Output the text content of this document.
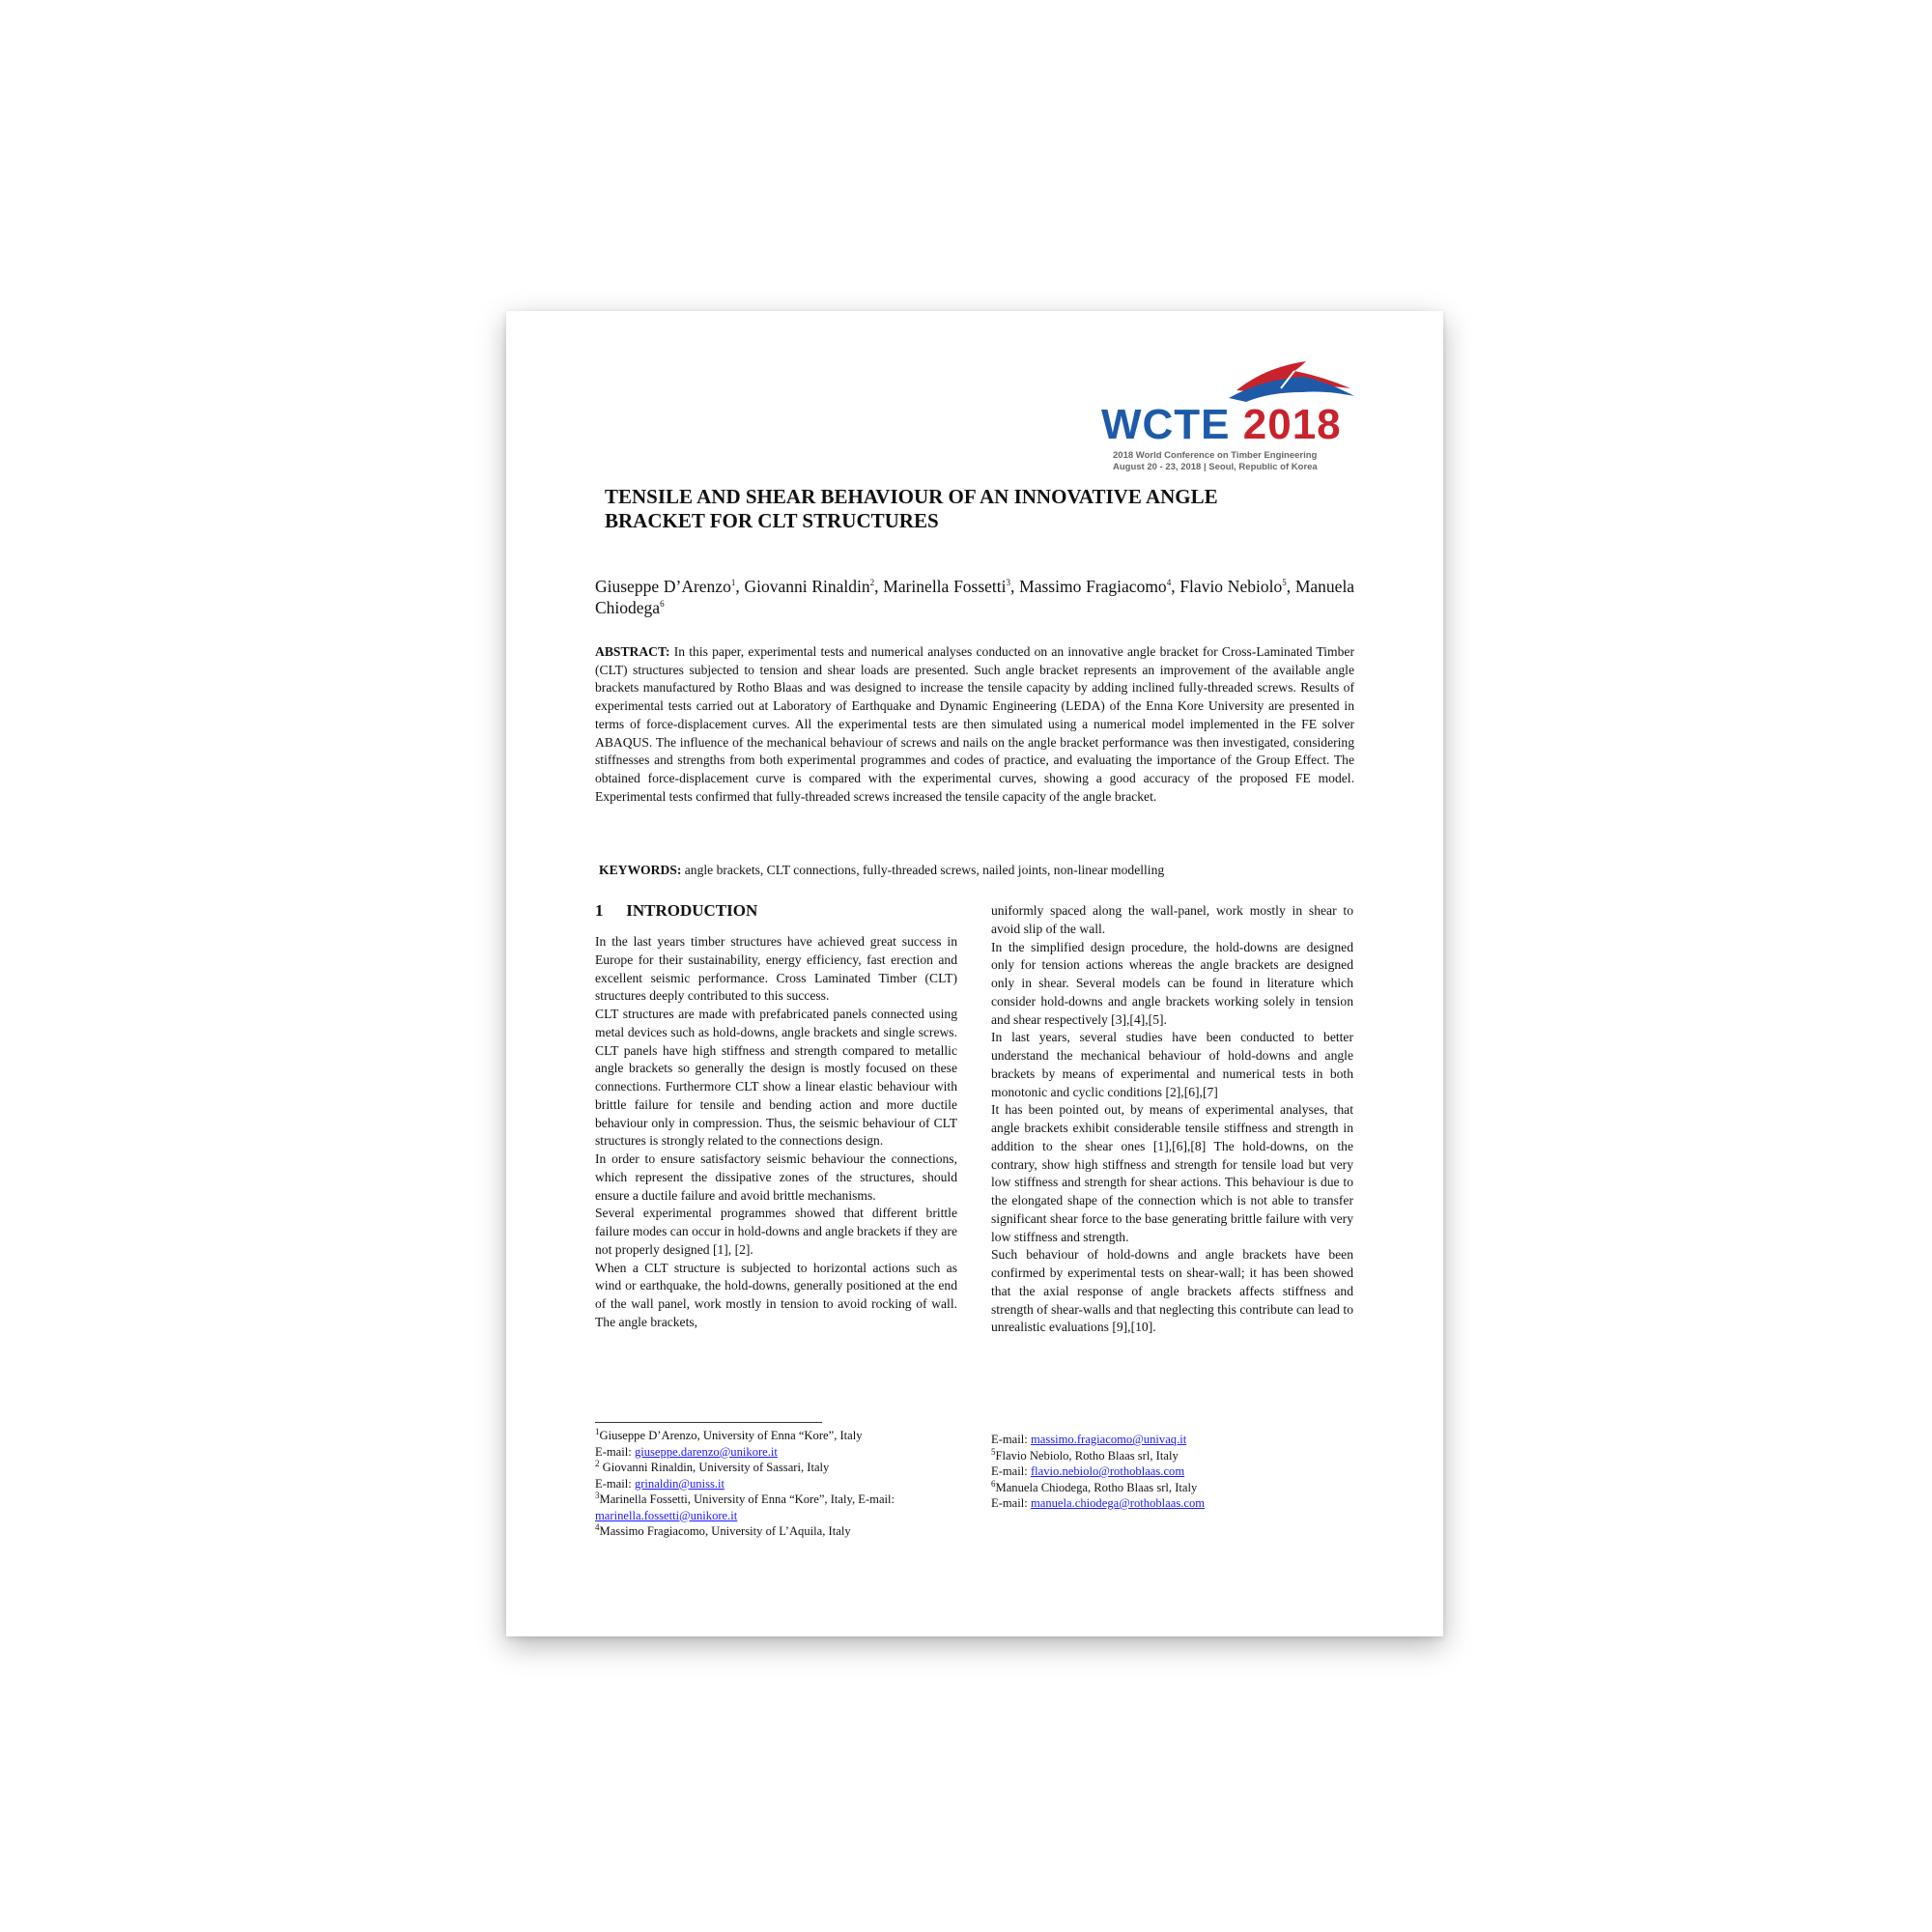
WCTE 2018
2018 World Conference on Timber Engineering
August 20 - 23, 2018 | Seoul, Republic of Korea
TENSILE AND SHEAR BEHAVIOUR OF AN INNOVATIVE ANGLE
BRACKET FOR CLT STRUCTURES

Giuseppe D’Arenzo$^1$, Giovanni Rinaldin$^2$, Marinella Fossetti$^3$, Massimo Fragiacomo$^4$, Flavio Nebiolo$^5$, Manuela Chiodega$^6$

ABSTRACT: In this paper, experimental tests and numerical analyses conducted on an innovative angle bracket for Cross-Laminated Timber (CLT) structures subjected to tension and shear loads are presented. Such angle bracket represents an improvement of the available angle brackets manufactured by Rotho Blaas and was designed to increase the tensile capacity by adding inclined fully-threaded screws. Results of experimental tests carried out at Laboratory of Earthquake and Dynamic Engineering (LEDA) of the Enna Kore University are presented in terms of force-displacement curves. All the experimental tests are then simulated using a numerical model implemented in the FE solver ABAQUS. The influence of the mechanical behaviour of screws and nails on the angle bracket performance was then investigated, considering stiffnesses and strengths from both experimental programmes and codes of practice, and evaluating the importance of the Group Effect. The obtained force-displacement curve is compared with the experimental curves, showing a good accuracy of the proposed FE model. Experimental tests confirmed that fully-threaded screws increased the tensile capacity of the angle bracket.

KEYWORDS: angle brackets, CLT connections, fully-threaded screws, nailed joints, non-linear modelling

1 INTRODUCTION

In the last years timber structures have achieved great success in Europe for their sustainability, energy efficiency, fast erection and excellent seismic performance. Cross Laminated Timber (CLT) structures deeply contributed to this success.

CLT structures are made with prefabricated panels connected using metal devices such as hold-downs, angle brackets and single screws. CLT panels have high stiffness and strength compared to metallic angle brackets so generally the design is mostly focused on these connections. Furthermore CLT show a linear elastic behaviour with brittle failure for tensile and bending action and more ductile behaviour only in compression. Thus, the seismic behaviour of CLT structures is strongly related to the connections design.

In order to ensure satisfactory seismic behaviour the connections, which represent the dissipative zones of the structures, should ensure a ductile failure and avoid brittle mechanisms.

Several experimental programmes showed that different brittle failure modes can occur in hold-downs and angle brackets if they are not properly designed [1], [2].

When a CLT structure is subjected to horizontal actions such as wind or earthquake, the hold-downs, generally positioned at the end of the wall panel, work mostly in tension to avoid rocking of wall. The angle brackets,

uniformly spaced along the wall-panel, work mostly in shear to avoid slip of the wall.

In the simplified design procedure, the hold-downs are designed only for tension actions whereas the angle brackets are designed only in shear. Several models can be found in literature which consider hold-downs and angle brackets working solely in tension and shear respectively [3],[4],[5].

In last years, several studies have been conducted to better understand the mechanical behaviour of hold-downs and angle brackets by means of experimental and numerical tests in both monotonic and cyclic conditions [2],[6],[7]

It has been pointed out, by means of experimental analyses, that angle brackets exhibit considerable tensile stiffness and strength in addition to the shear ones [1],[6],[8] The hold-downs, on the contrary, show high stiffness and strength for tensile load but very low stiffness and strength for shear actions. This behaviour is due to the elongated shape of the connection which is not able to transfer significant shear force to the base generating brittle failure with very low stiffness and strength.

Such behaviour of hold-downs and angle brackets have been confirmed by experimental tests on shear-wall; it has been showed that the axial response of angle brackets affects stiffness and strength of shear-walls and that neglecting this contribute can lead to unrealistic evaluations [9],[10].

$^1$Giuseppe D’Arenzo, University of Enna “Kore”, Italy

E-mail: giuseppe.darenzo@unikore.it

$^2$ Giovanni Rinaldin, University of Sassari, Italy

E-mail: grinaldin@uniss.it

$^3$Marinella Fossetti, University of Enna “Kore”, Italy, E-mail:

marinella.fossetti@unikore.it

$^4$Massimo Fragiacomo, University of L’Aquila, Italy

E-mail: massimo.fragiacomo@univaq.it

$^5$Flavio Nebiolo, Rotho Blaas srl, Italy

E-mail: flavio.nebiolo@rothoblaas.com

$^6$Manuela Chiodega, Rotho Blaas srl, Italy

E-mail: manuela.chiodega@rothoblaas.com
